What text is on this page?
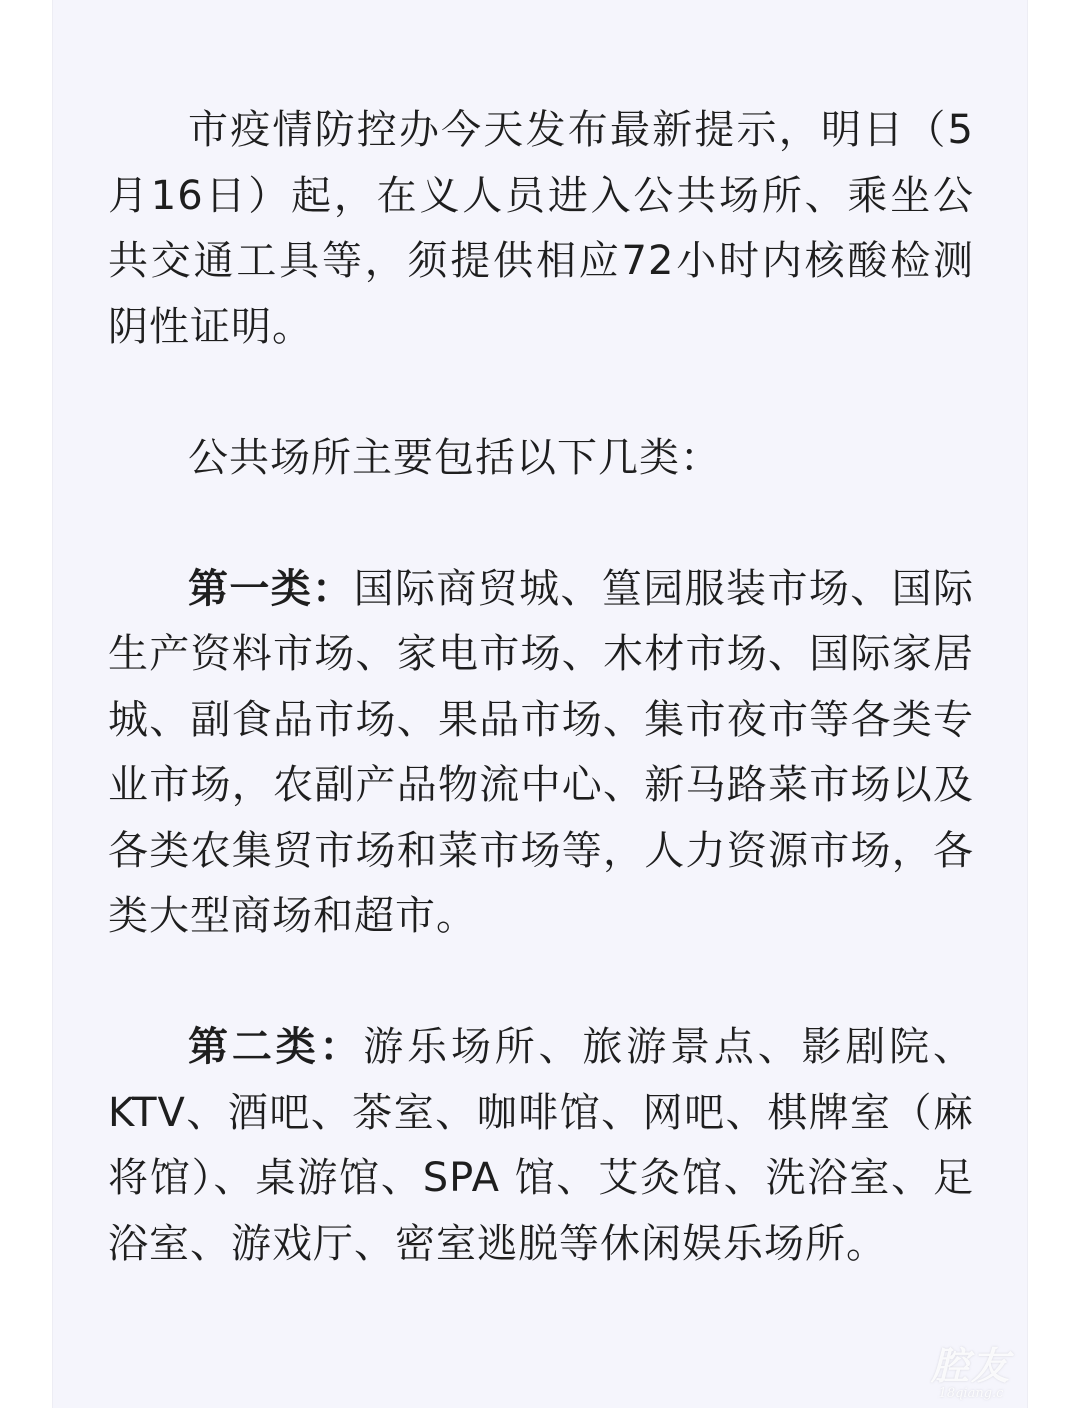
市疫情防控办今天发布最新提示，明日（5月16日）起，在义人员进入公共场所、乘坐公共交通工具等，须提供相应72小时内核酸检测阴性证明。

公共场所主要包括以下几类：

第一类：国际商贸城、篁园服装市场、国际生产资料市场、家电市场、木材市场、国际家居城、副食品市场、果品市场、集市夜市等各类专业市场，农副产品物流中心、新马路菜市场以及各类农集贸市场和菜市场等，人力资源市场，各类大型商场和超市。

第二类：游乐场所、旅游景点、影剧院、KTV、酒吧、茶室、咖啡馆、网吧、棋牌室（麻将馆）、桌游馆、SPA 馆、艾灸馆、洗浴室、足浴室、游戏厅、密室逃脱等休闲娱乐场所。

腔友
18qiang.c
